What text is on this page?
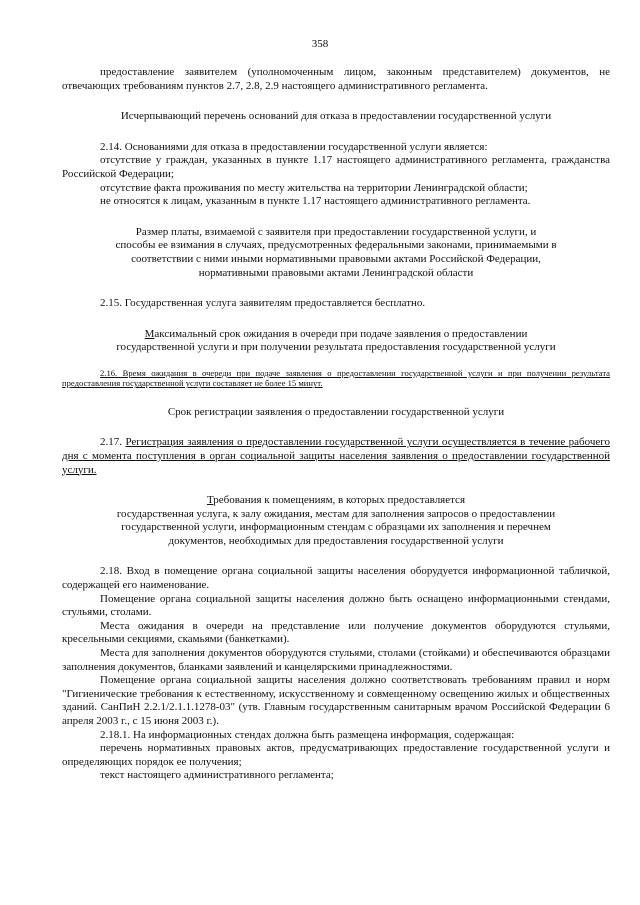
358

предоставление заявителем (уполномоченным лицом, законным представителем) документов, не отвечающих требованиям пунктов 2.7, 2.8, 2.9 настоящего административного регламента.

Исчерпывающий перечень оснований для отказа в предоставлении государственной услуги

2.14. Основаниями для отказа в предоставлении государственной услуги является:

отсутствие у граждан, указанных в пункте 1.17 настоящего административного регламента, гражданства Российской Федерации;

отсутствие факта проживания по месту жительства на территории Ленинградской области;

не относятся к лицам, указанным в пункте 1.17 настоящего административного регламента.

Размер платы, взимаемой с заявителя при предоставлении государственной услуги, и

способы ее взимания в случаях, предусмотренных федеральными законами, принимаемыми в

соответствии с ними иными нормативными правовыми актами Российской Федерации,

нормативными правовыми актами Ленинградской области

2.15. Государственная услуга заявителям предоставляется бесплатно.

Максимальный срок ожидания в очереди при подаче заявления о предоставлении

государственной услуги и при получении результата предоставления государственной услуги

2.16. Время ожидания в очереди при подаче заявления о предоставлении государственной услуги и при получении результата предоставления государственной услуги составляет не более 15 минут.

Срок регистрации заявления о предоставлении государственной услуги

2.17. Регистрация заявления о предоставлении государственной услуги осуществляется в течение рабочего дня с момента поступления в орган социальной защиты населения заявления о предоставлении государственной услуги.

Требования к помещениям, в которых предоставляется

государственная услуга, к залу ожидания, местам для заполнения запросов о предоставлении

государственной услуги, информационным стендам с образцами их заполнения и перечнем

документов, необходимых для предоставления государственной услуги

2.18. Вход в помещение органа социальной защиты населения оборудуется информационной табличкой, содержащей его наименование.

Помещение органа социальной защиты населения должно быть оснащено информационными стендами, стульями, столами.

Места ожидания в очереди на представление или получение документов оборудуются стульями, кресельными секциями, скамьями (банкетками).

Места для заполнения документов оборудуются стульями, столами (стойками) и обеспечиваются образцами заполнения документов, бланками заявлений и канцелярскими принадлежностями.

Помещение органа социальной защиты населения должно соответствовать требованиям правил и норм "Гигиенические требования к естественному, искусственному и совмещенному освещению жилых и общественных зданий. СанПиН 2.2.1/2.1.1.1278-03" (утв. Главным государственным санитарным врачом Российской Федерации 6 апреля 2003 г., с 15 июня 2003 г.).

2.18.1. На информационных стендах должна быть размещена информация, содержащая:

перечень нормативных правовых актов, предусматривающих предоставление государственной услуги и определяющих порядок ее получения;

текст настоящего административного регламента;
